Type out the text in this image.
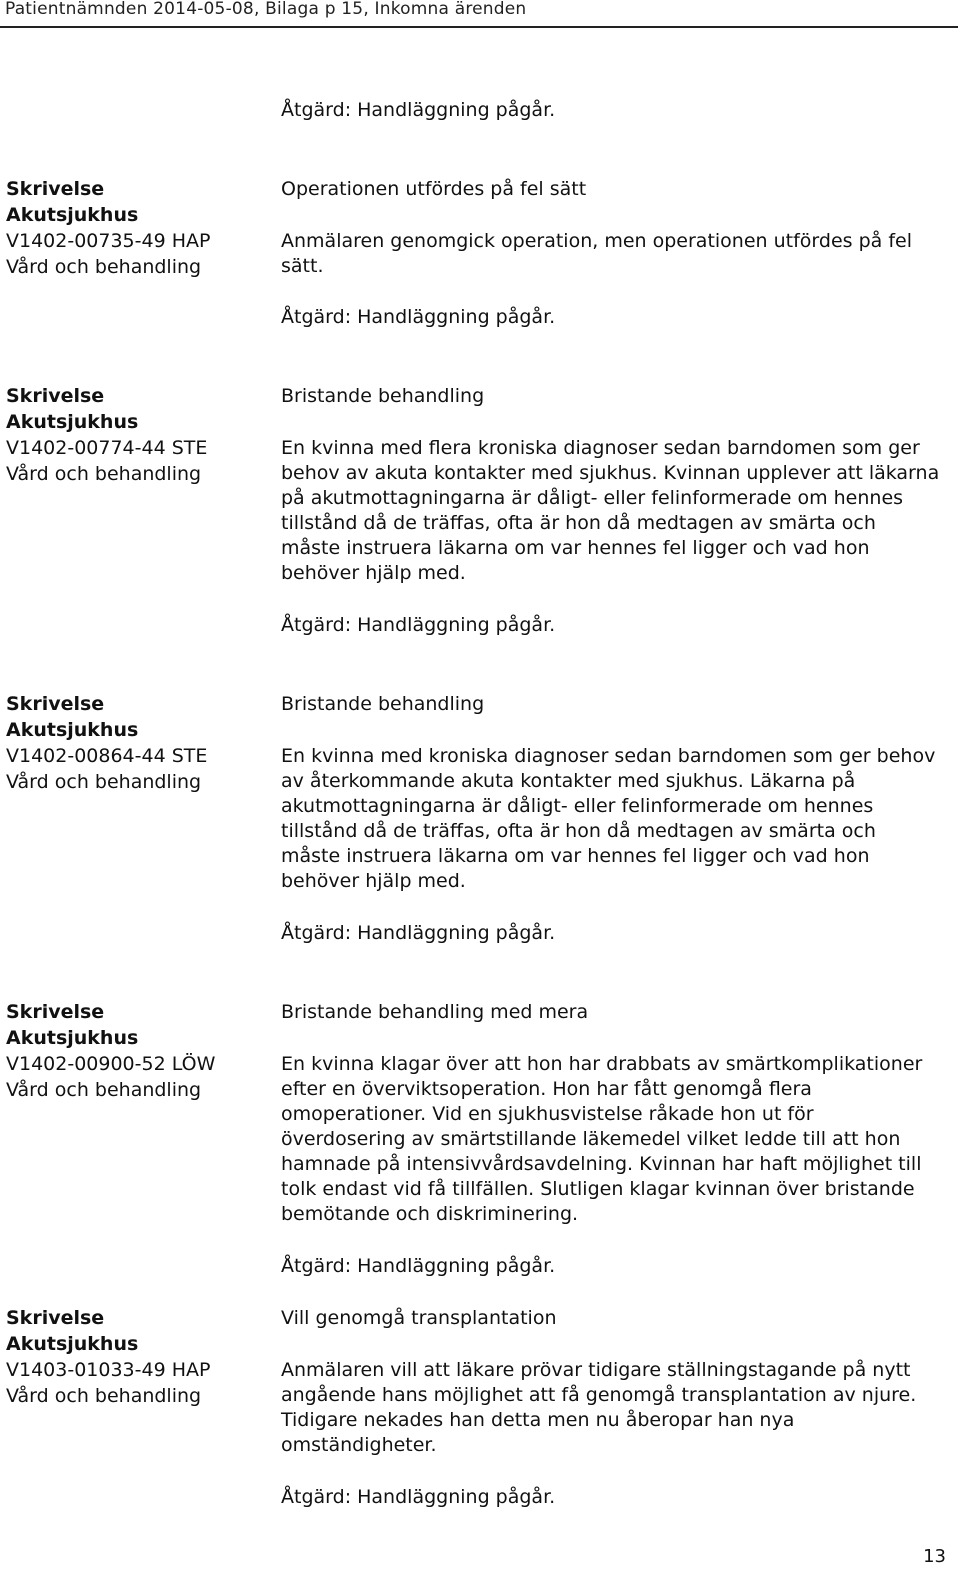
Patientnämnden 2014-05-08, Bilaga p 15, Inkomna ärenden
Åtgärd: Handläggning pågår.
Skrivelse
Akutsjukhus
V1402-00735-49 HAP
Vård och behandling

Operationen utfördes på fel sätt

Anmälaren genomgick operation, men operationen utfördes på fel sätt.
Åtgärd: Handläggning pågår.
Skrivelse
Akutsjukhus
V1402-00774-44 STE
Vård och behandling

Bristande behandling

En kvinna med flera kroniska diagnoser sedan barndomen som ger behov av akuta kontakter med sjukhus. Kvinnan upplever att läkarna på akutmottagningarna är dåligt- eller felinformerade om hennes tillstånd då de träffas, ofta är hon då medtagen av smärta och måste instruera läkarna om var hennes fel ligger och vad hon behöver hjälp med.
Åtgärd: Handläggning pågår.
Skrivelse
Akutsjukhus
V1402-00864-44 STE
Vård och behandling

Bristande behandling

En kvinna med kroniska diagnoser sedan barndomen som ger behov av återkommande akuta kontakter med sjukhus. Läkarna på akutmottagningarna är dåligt- eller felinformerade om hennes tillstånd då de träffas, ofta är hon då medtagen av smärta och måste instruera läkarna om var hennes fel ligger och vad hon behöver hjälp med.
Åtgärd: Handläggning pågår.
Skrivelse
Akutsjukhus
V1402-00900-52 LÖW
Vård och behandling

Bristande behandling med mera

En kvinna klagar över att hon har drabbats av smärtkomplikationer efter en överviktsoperation. Hon har fått genomgå flera omoperationer. Vid en sjukhusvistelse råkade hon ut för överdosering av smärtstillande läkemedel vilket ledde till att hon hamnade på intensivvårdsavdelning. Kvinnan har haft möjlighet till tolk endast vid få tillfällen. Slutligen klagar kvinnan över bristande bemötande och diskriminering.
Åtgärd: Handläggning pågår.
Skrivelse
Akutsjukhus
V1403-01033-49 HAP
Vård och behandling

Vill genomgå transplantation

Anmälaren vill att läkare prövar tidigare ställningstagande på nytt angående hans möjlighet att få genomgå transplantation av njure. Tidigare nekades han detta men nu åberopar han nya omständigheter.
Åtgärd: Handläggning pågår.
13
